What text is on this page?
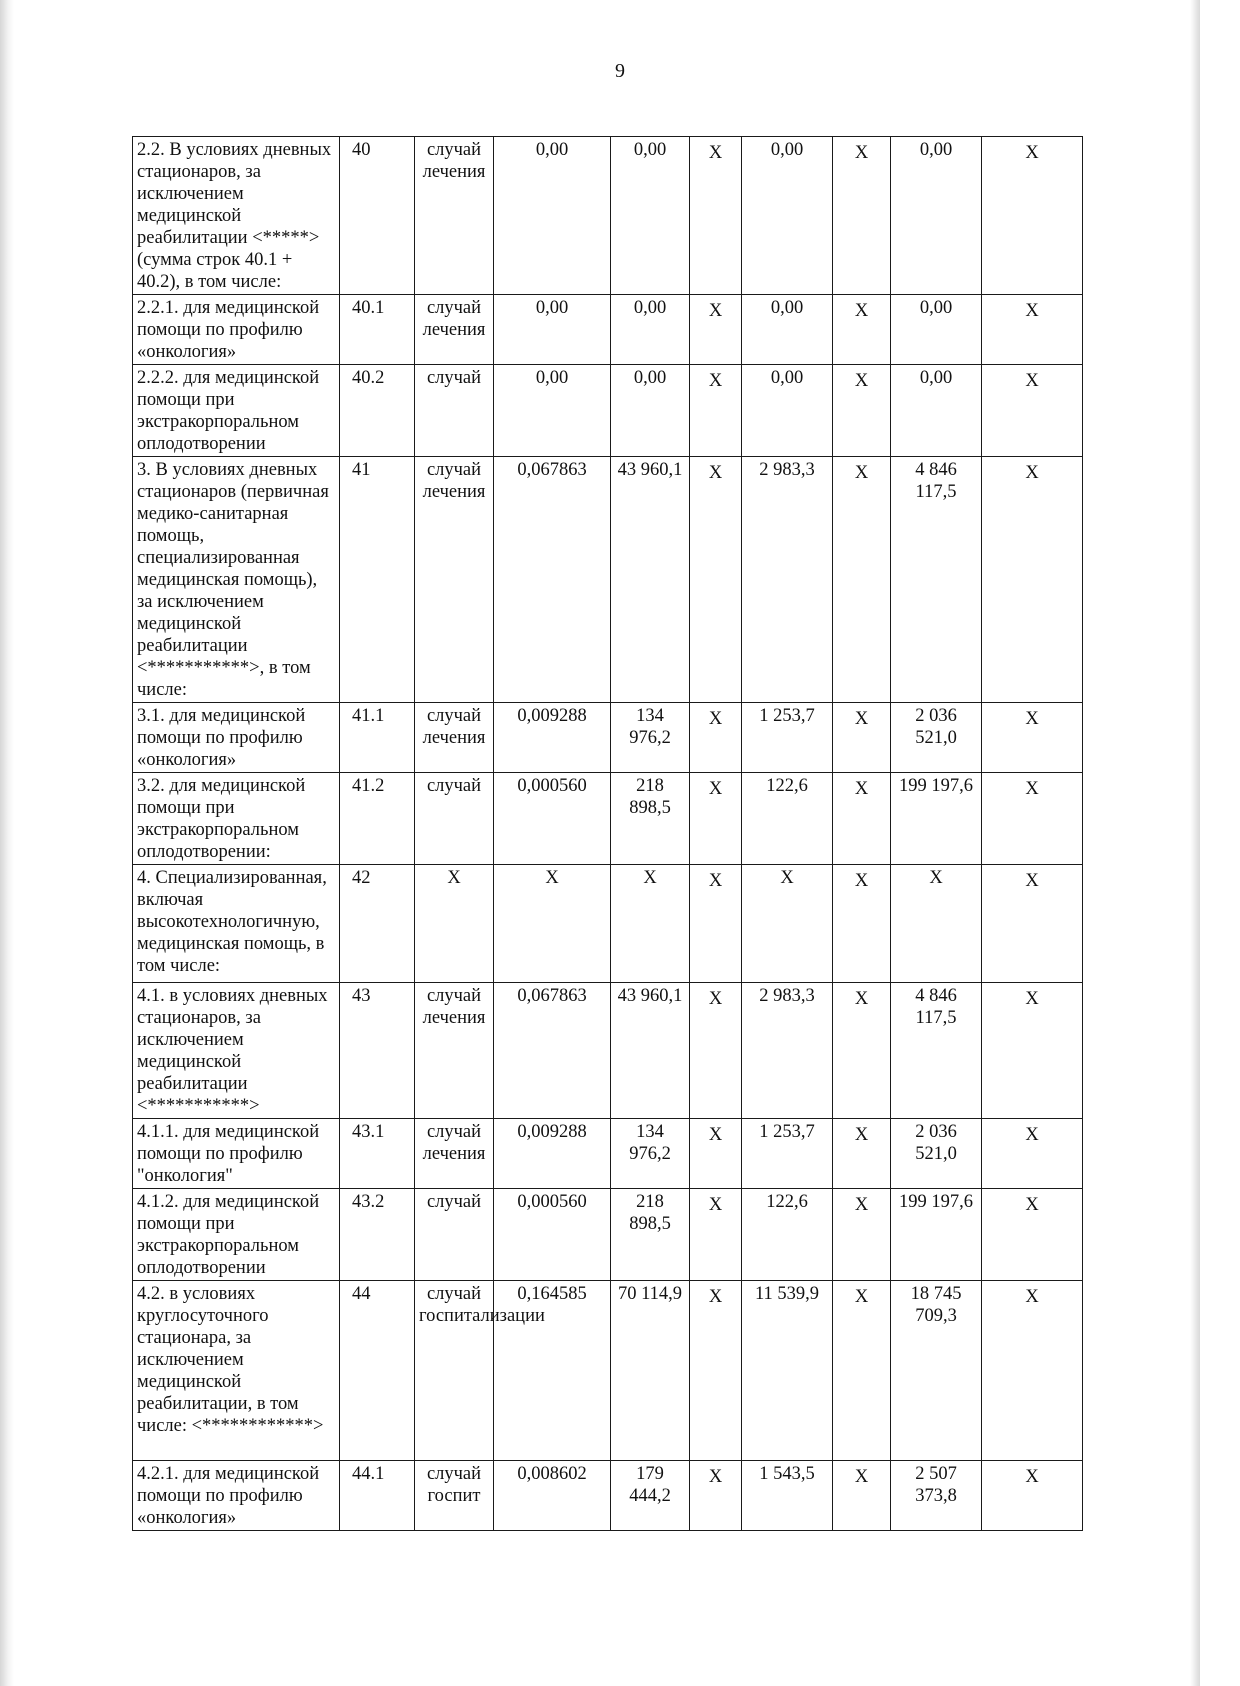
9
2.2. В условиях дневных стационаров, за исключением медицинской реабилитации <*****> (сумма строк 40.1 + 40.2), в том числе:	40	случай лечения	0,00	0,00	X	0,00	X	0,00	X
2.2.1. для медицинской помощи по профилю «онкология»	40.1	случай лечения	0,00	0,00	X	0,00	X	0,00	X
2.2.2. для медицинской помощи при экстракорпоральном оплодотворении	40.2	случай	0,00	0,00	X	0,00	X	0,00	X
3. В условиях дневных стационаров (первичная медико-санитарная помощь, специализированная медицинская помощь), за исключением медицинской реабилитации <***********>, в том числе:	41	случай лечения	0,067863	43 960,1	X	2 983,3	X	4 846 117,5	X
3.1. для медицинской помощи по профилю «онкология»	41.1	случай лечения	0,009288	134 976,2	X	1 253,7	X	2 036 521,0	X
3.2. для медицинской помощи при экстракорпоральном оплодотворении:	41.2	случай	0,000560	218 898,5	X	122,6	X	199 197,6	X
4. Специализированная, включая высокотехнологичную, медицинская помощь, в том числе:	42	X	X	X	X	X	X	X	X
4.1. в условиях дневных стационаров, за исключением медицинской реабилитации <***********>	43	случай лечения	0,067863	43 960,1	X	2 983,3	X	4 846 117,5	X
4.1.1. для медицинской помощи по профилю "онкология"	43.1	случай лечения	0,009288	134 976,2	X	1 253,7	X	2 036 521,0	X
4.1.2. для медицинской помощи при экстракорпоральном оплодотворении	43.2	случай	0,000560	218 898,5	X	122,6	X	199 197,6	X
4.2. в условиях круглосуточного стационара, за исключением медицинской реабилитации, в том числе: <************>	44	случай госпитализации	0,164585	70 114,9	X	11 539,9	X	18 745 709,3	X
4.2.1. для медицинской помощи по профилю «онкология»	44.1	случай госпит	0,008602	179 444,2	X	1 543,5	X	2 507 373,8	X
